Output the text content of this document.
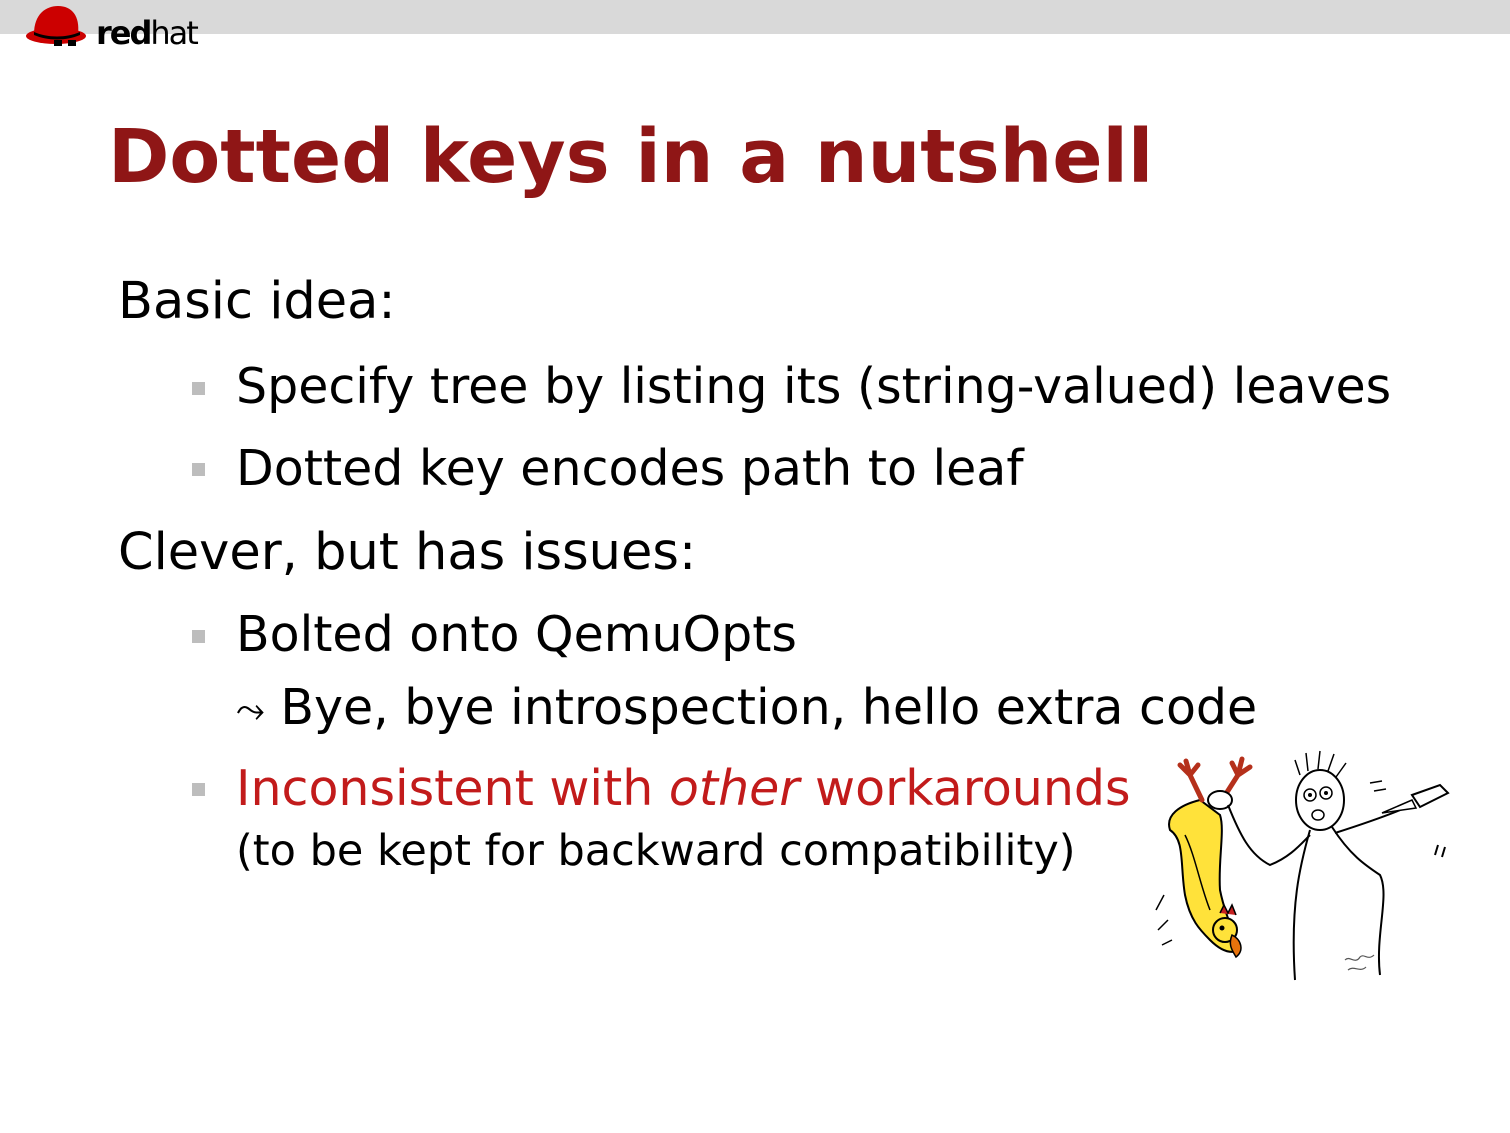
redhat
Dotted keys in a nutshell
Basic idea:
Specify tree by listing its (string-valued) leaves
Dotted key encodes path to leaf
Clever, but has issues:
Bolted onto QemuOpts
⤳ Bye, bye introspection, hello extra code
Inconsistent with other workarounds
(to be kept for backward compatibility)
